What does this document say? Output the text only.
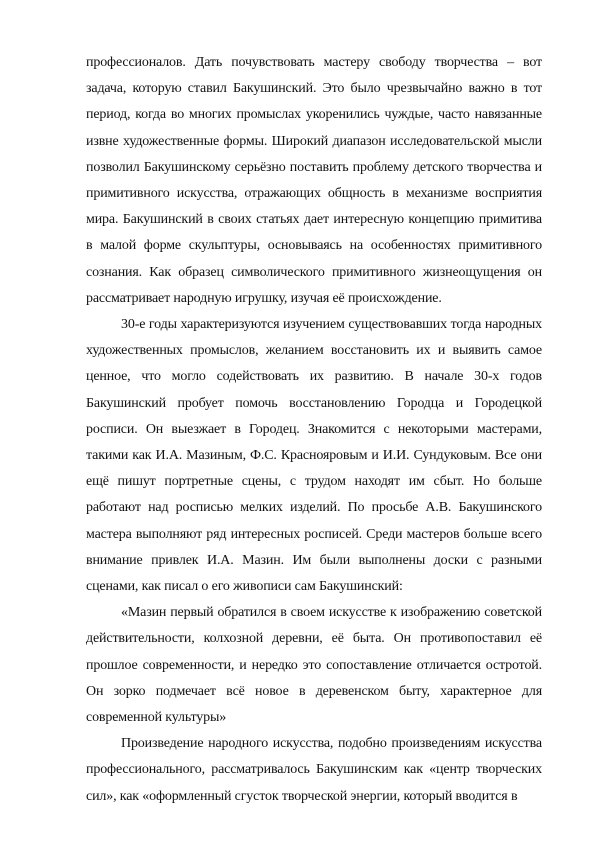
профессионалов. Дать почувствовать мастеру свободу творчества – вот задача, которую ставил Бакушинский. Это было чрезвычайно важно в тот период, когда во многих промыслах укоренились чуждые, часто навязанные извне художественные формы. Широкий диапазон исследовательской мысли позволил Бакушинскому серьёзно поставить проблему детского творчества и примитивного искусства, отражающих общность в механизме восприятия мира. Бакушинский в своих статьях дает интересную концепцию примитива в малой форме скульптуры, основываясь на особенностях примитивного сознания. Как образец символического примитивного жизнеощущения он рассматривает народную игрушку, изучая её происхождение.

30-е годы характеризуются изучением существовавших тогда народных художественных промыслов, желанием восстановить их и выявить самое ценное, что могло содействовать их развитию. В начале 30-х годов Бакушинский пробует помочь восстановлению Городца и Городецкой росписи. Он выезжает в Городец. Знакомится с некоторыми мастерами, такими как И.А. Мазиным, Ф.С. Краснояровым и И.И. Сундуковым. Все они ещё пишут портретные сцены, с трудом находят им сбыт. Но больше работают над росписью мелких изделий. По просьбе А.В. Бакушинского мастера выполняют ряд интересных росписей. Среди мастеров больше всего внимание привлек И.А. Мазин. Им были выполнены доски с разными сценами, как писал о его живописи сам Бакушинский:

«Мазин первый обратился в своем искусстве к изображению советской действительности, колхозной деревни, её быта. Он противопоставил её прошлое современности, и нередко это сопоставление отличается остротой. Он зорко подмечает всё новое в деревенском быту, характерное для современной культуры»

Произведение народного искусства, подобно произведениям искусства профессионального, рассматривалось Бакушинским как «центр творческих сил», как «оформленный сгусток творческой энергии, который вводится в
